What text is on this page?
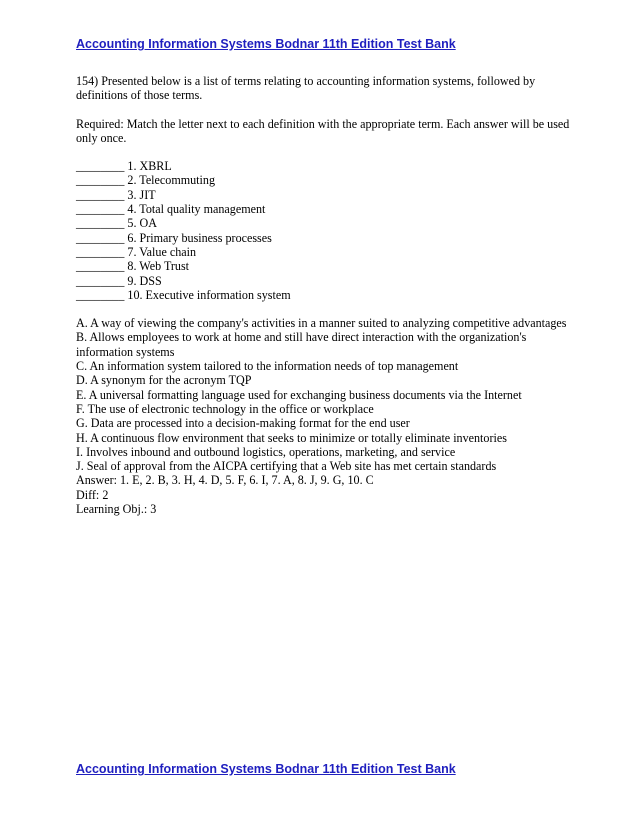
Accounting Information Systems Bodnar 11th Edition Test Bank

154) Presented below is a list of terms relating to accounting information systems, followed by definitions of those terms.

Required: Match the letter next to each definition with the appropriate term. Each answer will be used only once.

________ 1. XBRL
________ 2. Telecommuting
________ 3. JIT
________ 4. Total quality management
________ 5. OA
________ 6. Primary business processes
________ 7. Value chain
________ 8. Web Trust
________ 9. DSS
________ 10. Executive information system
A. A way of viewing the company's activities in a manner suited to analyzing competitive advantages
B. Allows employees to work at home and still have direct interaction with the organization's information systems
C. An information system tailored to the information needs of top management
D. A synonym for the acronym TQP
E. A universal formatting language used for exchanging business documents via the Internet
F. The use of electronic technology in the office or workplace
G. Data are processed into a decision-making format for the end user
H. A continuous flow environment that seeks to minimize or totally eliminate inventories
I. Involves inbound and outbound logistics, operations, marketing, and service
J. Seal of approval from the AICPA certifying that a Web site has met certain standards
Answer: 1. E, 2. B, 3. H, 4. D, 5. F, 6. I, 7. A, 8. J, 9. G, 10. C
Diff: 2
Learning Obj.: 3
Accounting Information Systems Bodnar 11th Edition Test Bank
